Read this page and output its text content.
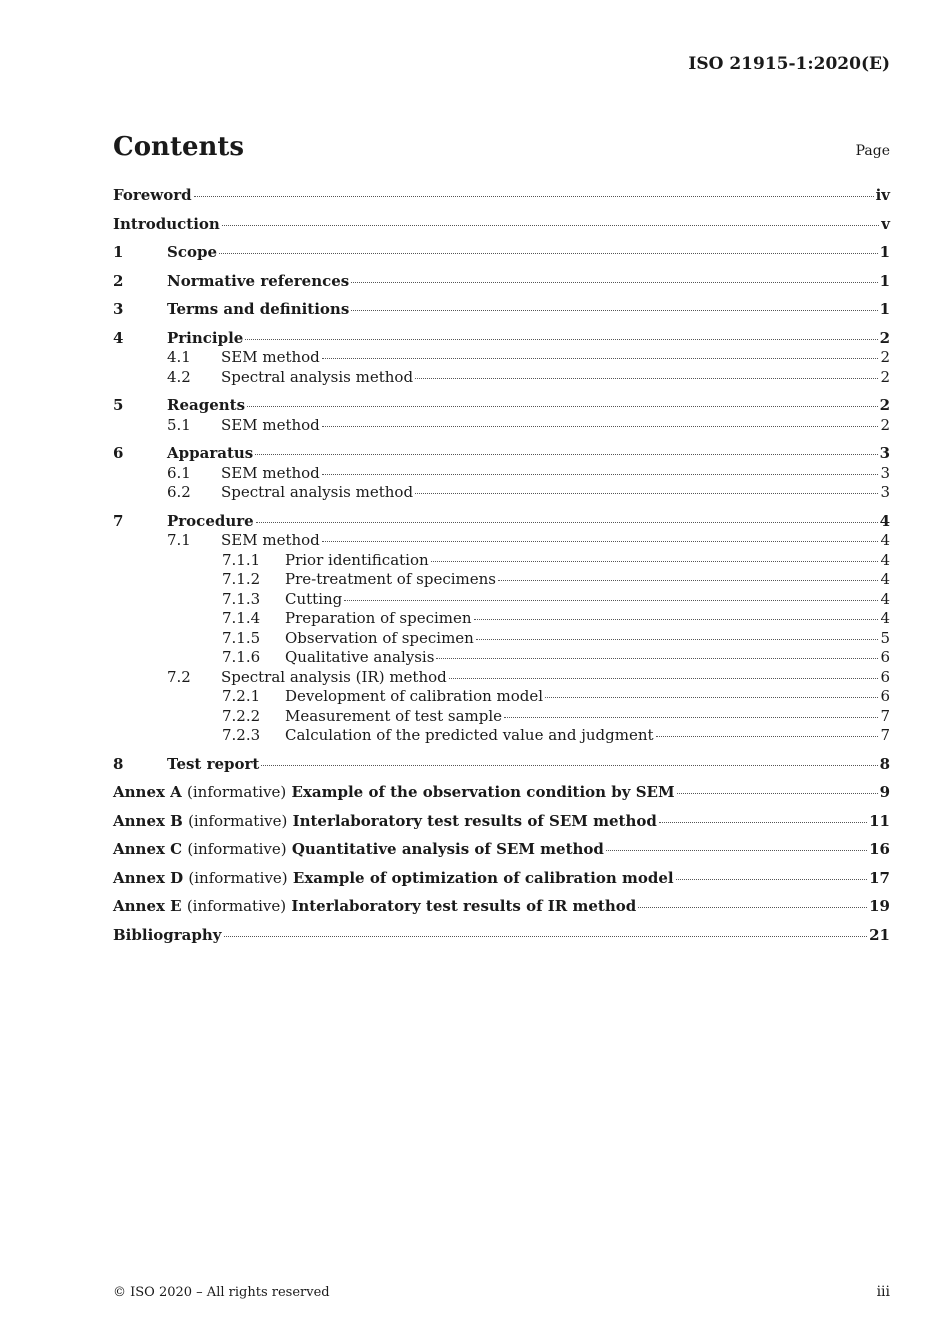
ISO 21915-1:2020(E)
Contents	Page
Foreword	iv
Introduction	v
1	Scope	1
2	Normative references	1
3	Terms and definitions	1
4	Principle	2
4.1	SEM method	2
4.2	Spectral analysis method	2
5	Reagents	2
5.1	SEM method	2
6	Apparatus	3
6.1	SEM method	3
6.2	Spectral analysis method	3
7	Procedure	4
7.1	SEM method	4
7.1.1	Prior identification	4
7.1.2	Pre-treatment of specimens	4
7.1.3	Cutting	4
7.1.4	Preparation of specimen	4
7.1.5	Observation of specimen	5
7.1.6	Qualitative analysis	6
7.2	Spectral analysis (IR) method	6
7.2.1	Development of calibration model	6
7.2.2	Measurement of test sample	7
7.2.3	Calculation of the predicted value and judgment	7
8	Test report	8
Annex A (informative) Example of the observation condition by SEM	9
Annex B (informative) Interlaboratory test results of SEM method	11
Annex C (informative) Quantitative analysis of SEM method	16
Annex D (informative) Example of optimization of calibration model	17
Annex E (informative) Interlaboratory test results of IR method	19
Bibliography	21
© ISO 2020 – All rights reserved	iii
